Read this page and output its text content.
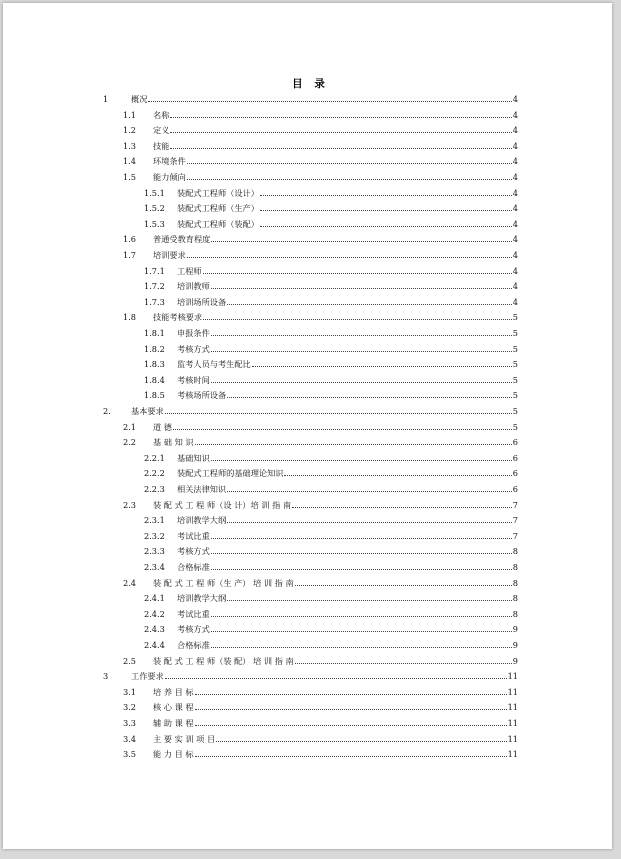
1	概况	4
1.1	名称	4
1.2	定义	4
1.3	技能	4
1.4	环境条件	4
1.5	能力倾向	4
1.5.1	装配式工程师（设计）	4
1.5.2	装配式工程师（生产）	4
1.5.3	装配式工程师（装配）	4
1.6	普通受教育程度	4
1.7	培训要求	4
1.7.1	工程师	4
1.7.2	培训教师	4
1.7.3	培训场所设备	4
1.8	技能考核要求	5
1.8.1	申报条件	5
1.8.2	考核方式	5
1.8.3	监考人员与考生配比	5
1.8.4	考核时间	5
1.8.5	考核场所设备	5
2.	基本要求	5
2.1	道 德	5
2.2	基 础 知 识	6
2.2.1	基础知识	6
2.2.2	装配式工程师的基础理论知识	6
2.2.3	相关法律知识	6
2.3	装 配 式 工 程 师（设 计）培 训 指 南	7
2.3.1	培训教学大纲	7
2.3.2	考试比重	7
2.3.3	考核方式	8
2.3.4	合格标准	8
2.4	装 配 式 工 程 师（生 产） 培 训 指 南	8
2.4.1	培训教学大纲	8
2.4.2	考试比重	8
2.4.3	考核方式	9
2.4.4	合格标准	9
2.5	装 配 式 工 程 师（装 配） 培 训 指 南	9
3	工作要求	11
3.1	培 养 目 标	11
3.2	核 心 课 程	11
3.3	辅 助 课 程	11
3.4	主 要 实 训 项 目	11
3.5	能 力 目 标	11
目 录
